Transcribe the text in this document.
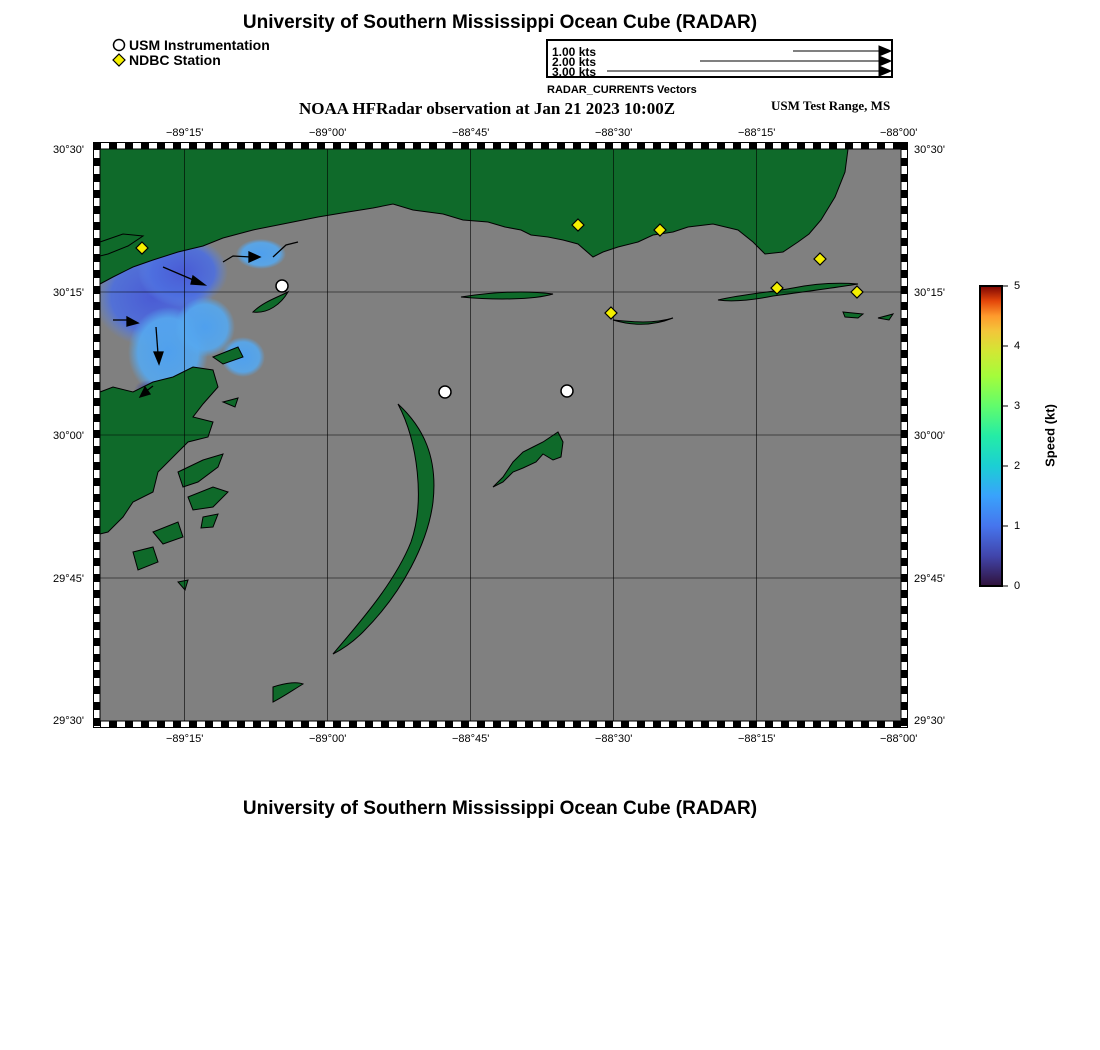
University of Southern Mississippi Ocean Cube (RADAR)
USM Instrumentation
NDBC Station	1.00 kts
2.00 kts
3.00 kts
RADAR_CURRENTS Vectors
NOAA HFRadar observation at Jan 21 2023 10:00Z	USM Test Range, MS
−89°15'	−89°00'	−88°45'	−88°30'	−88°15'	−88°00'
−89°15'	−89°00'	−88°45'	−88°30'	−88°15'	−88°00'
30°30'
30°15'
30°00'
29°45'
29°30'
30°30'
30°15'
30°00'
29°45'
29°30'
0
1
2
3
4
5
Speed (kt)
University of Southern Mississippi Ocean Cube (RADAR)
